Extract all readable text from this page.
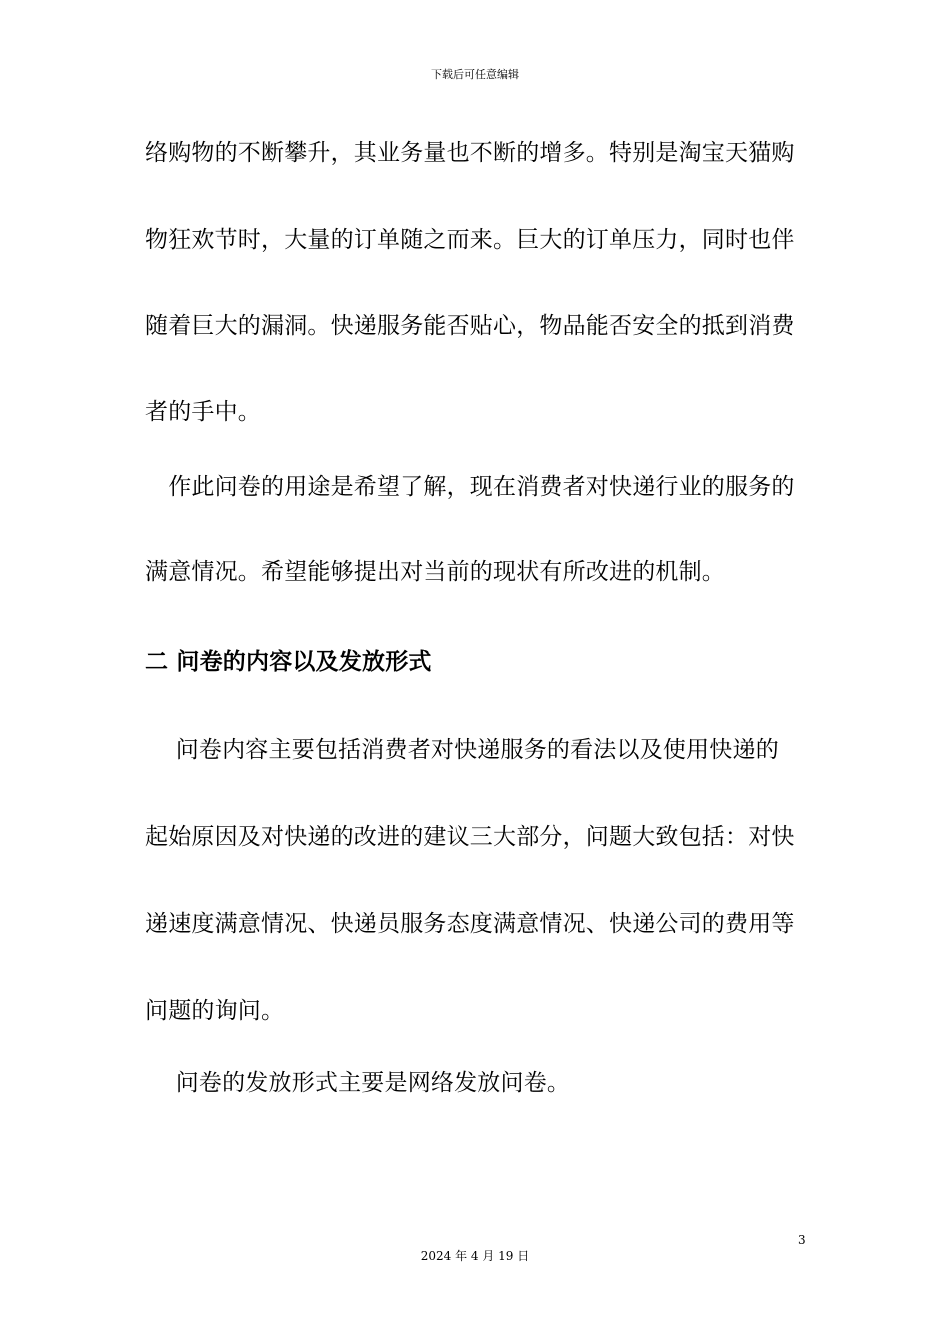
下载后可任意编辑
络购物的不断攀升，其业务量也不断的增多。特别是淘宝天猫购
物狂欢节时，大量的订单随之而来。巨大的订单压力，同时也伴
随着巨大的漏洞。快递服务能否贴心，物品能否安全的抵到消费
者的手中。
　作此问卷的用途是希望了解，现在消费者对快递行业的服务的
满意情况。希望能够提出对当前的现状有所改进的机制。
二 问卷的内容以及发放形式
　 问卷内容主要包括消费者对快递服务的看法以及使用快递的
起始原因及对快递的改进的建议三大部分，问题大致包括：对快
递速度满意情况、快递员服务态度满意情况、快递公司的费用等
问题的询问。
　 问卷的发放形式主要是网络发放问卷。
3
2024 年 4 月 19 日
